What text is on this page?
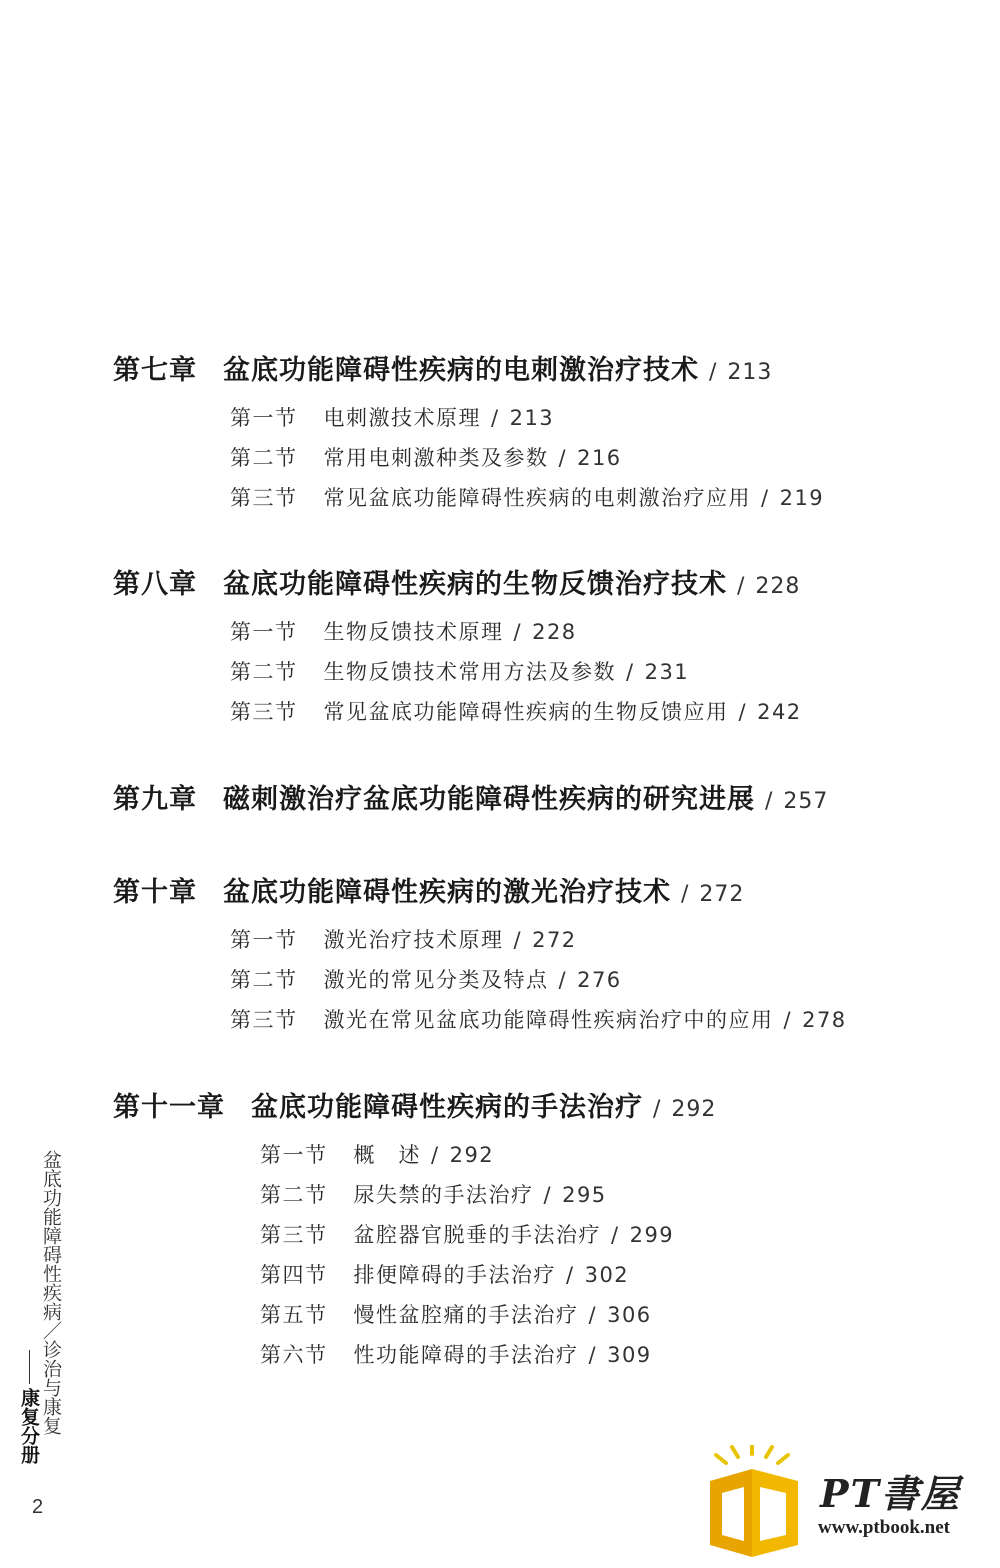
第七章 盆底功能障碍性疾病的电刺激治疗技术 / 213
第一节 电刺激技术原理 / 213
第二节 常用电刺激种类及参数 / 216
第三节 常见盆底功能障碍性疾病的电刺激治疗应用 / 219
第八章 盆底功能障碍性疾病的生物反馈治疗技术 / 228
第一节 生物反馈技术原理 / 228
第二节 生物反馈技术常用方法及参数 / 231
第三节 常见盆底功能障碍性疾病的生物反馈应用 / 242
第九章 磁刺激治疗盆底功能障碍性疾病的研究进展 / 257
第十章 盆底功能障碍性疾病的激光治疗技术 / 272
第一节 激光治疗技术原理 / 272
第二节 激光的常见分类及特点 / 276
第三节 激光在常见盆底功能障碍性疾病治疗中的应用 / 278
第十一章 盆底功能障碍性疾病的手法治疗 / 292
第一节 概　述 / 292
第二节 尿失禁的手法治疗 / 295
第三节 盆腔器官脱垂的手法治疗 / 299
第四节 排便障碍的手法治疗 / 302
第五节 慢性盆腔痛的手法治疗 / 306
第六节 性功能障碍的手法治疗 / 309
盆底功能障碍性疾病／诊治与康复
康复分册
2	PT書屋
www.ptbook.net
